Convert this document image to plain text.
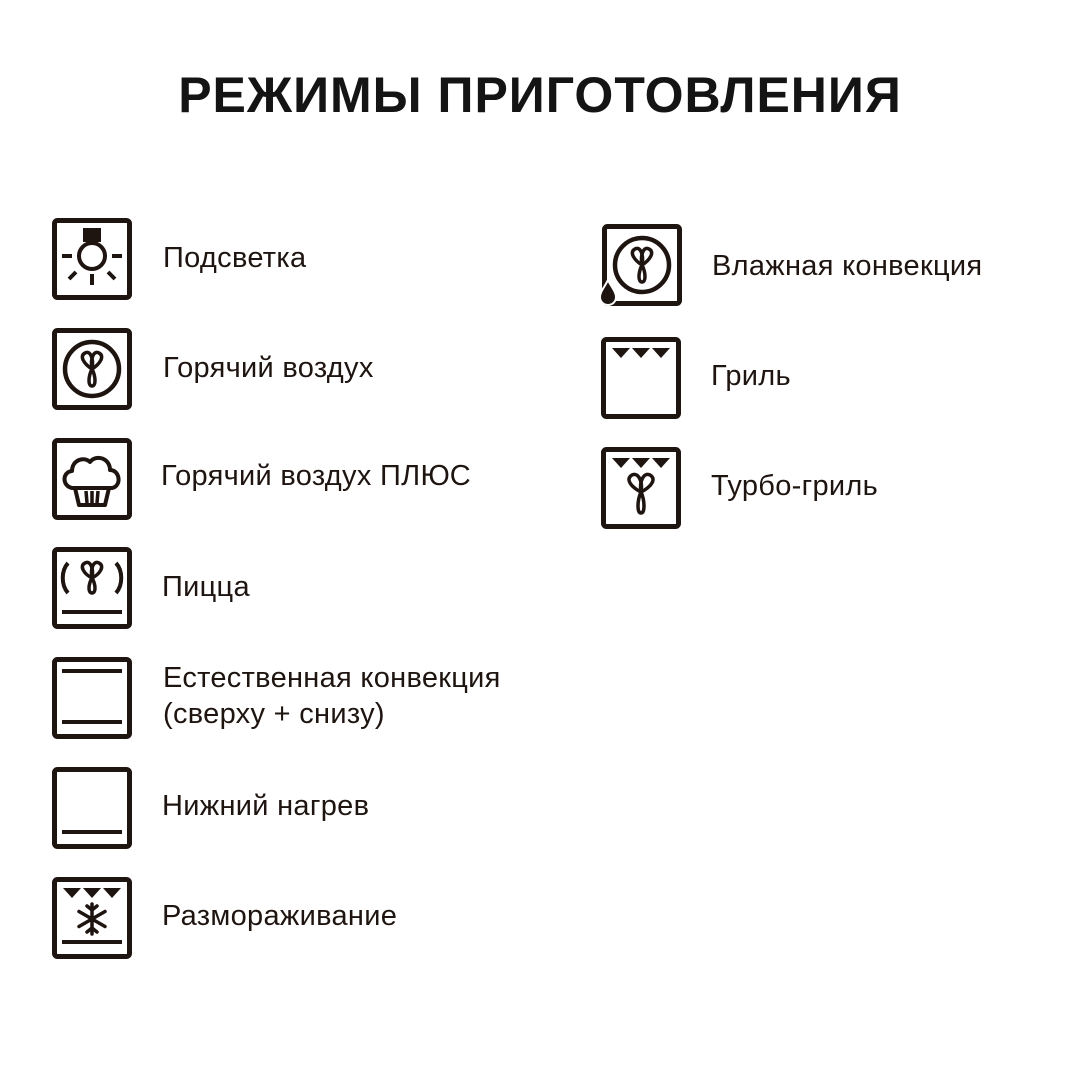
РЕЖИМЫ ПРИГОТОВЛЕНИЯ
Подсветка
Горячий воздух
Горячий воздух ПЛЮС
Пицца
Естественная конвекция
(сверху + снизу)
Нижний нагрев
Размораживание
Влажная конвекция
Гриль
Турбо-гриль
